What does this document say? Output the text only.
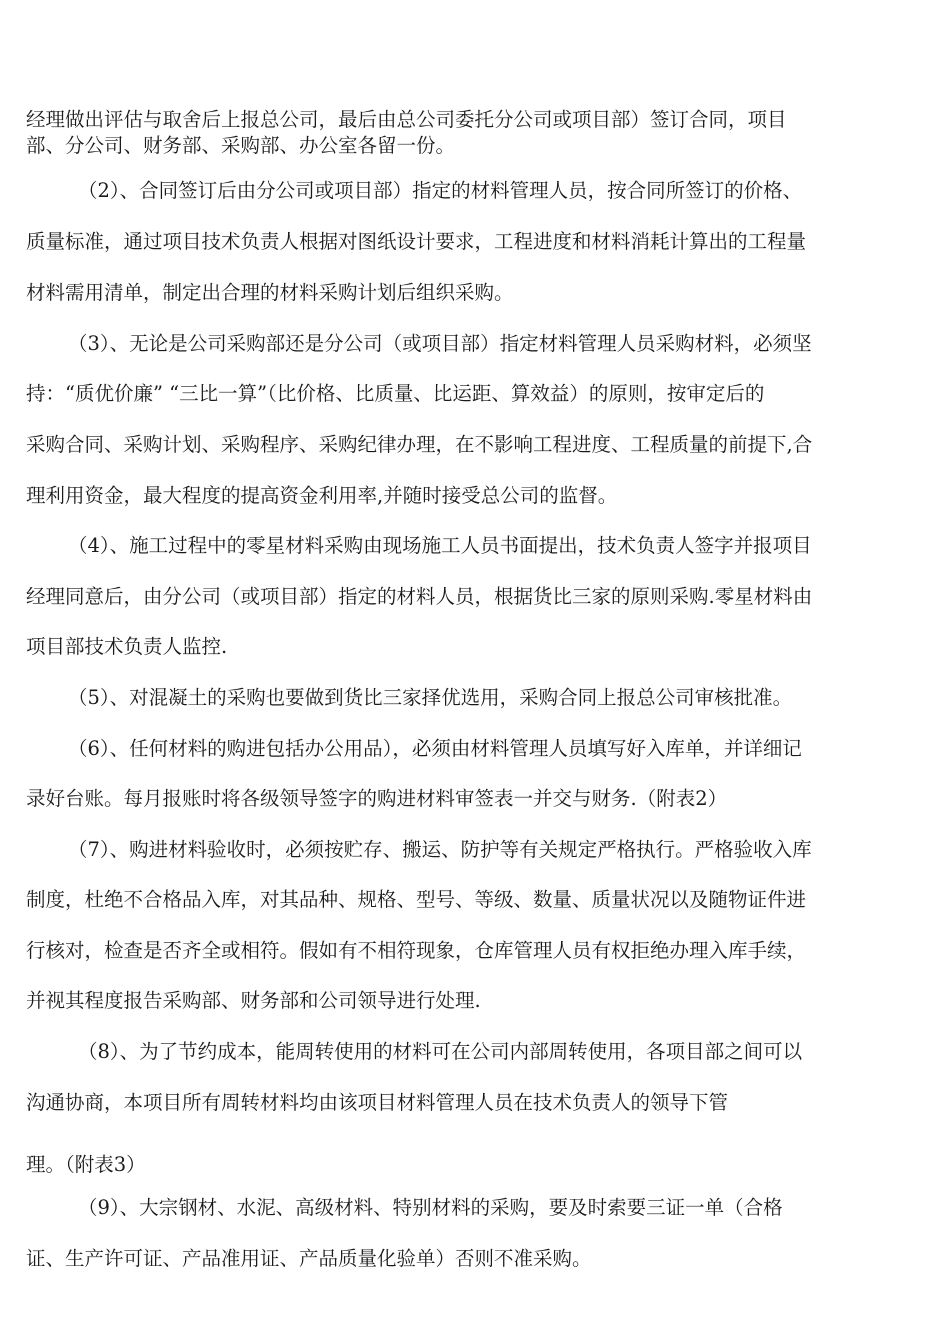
经理做出评估与取舍后上报总公司，最后由总公司委托分公司或项目部）签订合同，项目
部、分公司、财务部、采购部、办公室各留一份。
（2）、合同签订后由分公司或项目部）指定的材料管理人员，按合同所签订的价格、
质量标准，通过项目技术负责人根据对图纸设计要求，工程进度和材料消耗计算出的工程量
材料需用清单，制定出合理的材料采购计划后组织采购。
（3）、无论是公司采购部还是分公司（或项目部）指定材料管理人员采购材料，必须坚
持：“质优价廉” “三比一算”（比价格、比质量、比运距、算效益）的原则，按审定后的
采购合同、采购计划、采购程序、采购纪律办理，在不影响工程进度、工程质量的前提下,合
理利用资金，最大程度的提高资金利用率,并随时接受总公司的监督。
（4）、施工过程中的零星材料采购由现场施工人员书面提出，技术负责人签字并报项目
经理同意后，由分公司（或项目部）指定的材料人员，根据货比三家的原则采购.零星材料由
项目部技术负责人监控.
（5）、对混凝土的采购也要做到货比三家择优选用，采购合同上报总公司审核批准。
（6）、任何材料的购进包括办公用品），必须由材料管理人员填写好入库单，并详细记
录好台账。每月报账时将各级领导签字的购进材料审签表一并交与财务.（附表2）
（7）、购进材料验收时，必须按贮存、搬运、防护等有关规定严格执行。严格验收入库
制度，杜绝不合格品入库，对其品种、规格、型号、等级、数量、质量状况以及随物证件进
行核对，检查是否齐全或相符。假如有不相符现象，仓库管理人员有权拒绝办理入库手续，
并视其程度报告采购部、财务部和公司领导进行处理.
（8）、为了节约成本，能周转使用的材料可在公司内部周转使用，各项目部之间可以
沟通协商，本项目所有周转材料均由该项目材料管理人员在技术负责人的领导下管
理。（附表3）
（9）、大宗钢材、水泥、高级材料、特别材料的采购，要及时索要三证一单（合格
证、生产许可证、产品准用证、产品质量化验单）否则不准采购。
